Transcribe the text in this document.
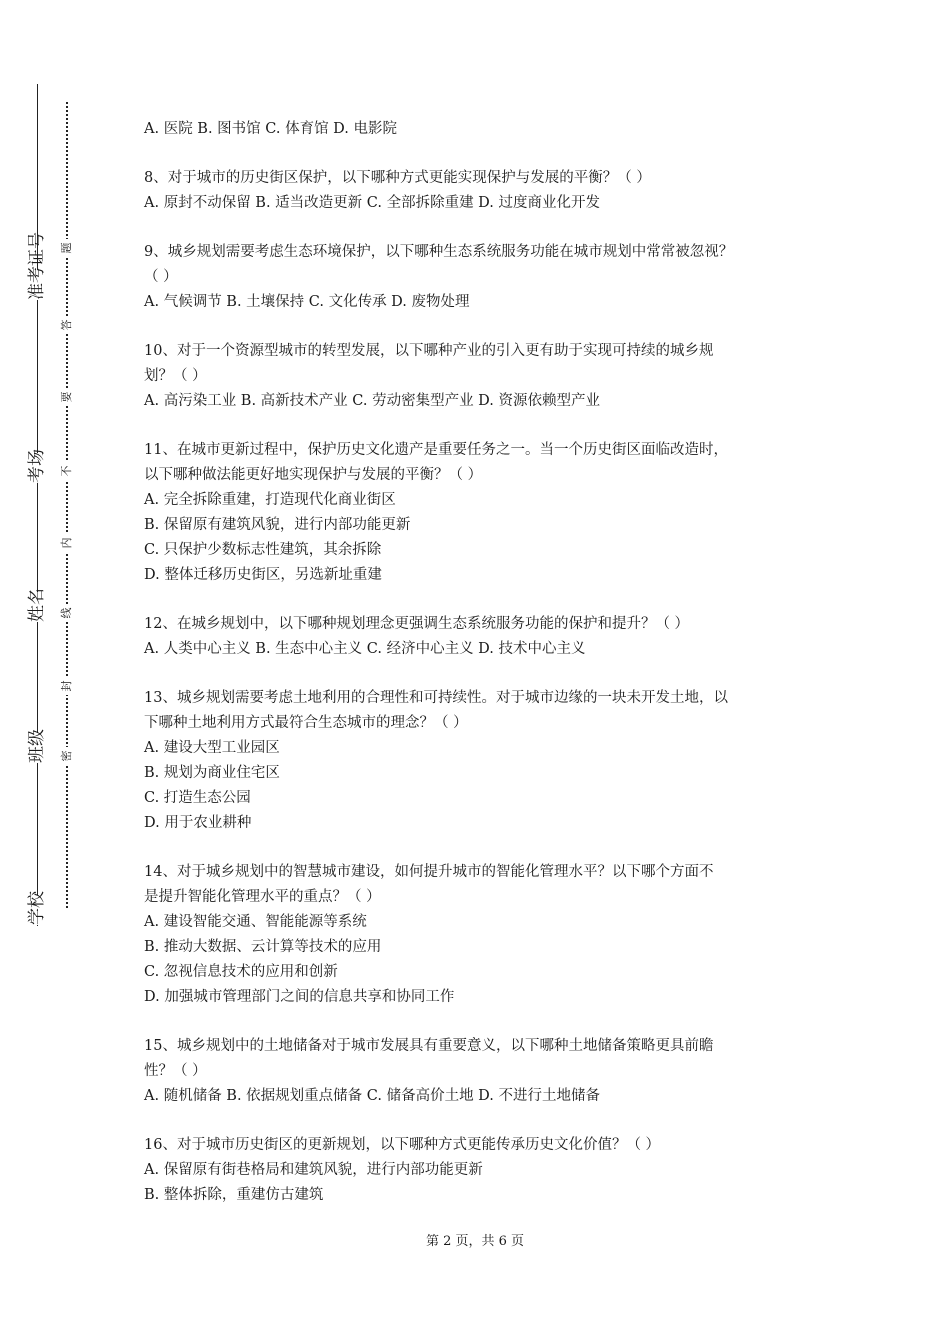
准考证号
考场
姓名
班级
学校
题
答
要
不
内
线
封
密

A. 医院 B. 图书馆 C. 体育馆 D. 电影院

8、对于城市的历史街区保护，以下哪种方式更能实现保护与发展的平衡？（ ）

A. 原封不动保留 B. 适当改造更新 C. 全部拆除重建 D. 过度商业化开发

9、城乡规划需要考虑生态环境保护，以下哪种生态系统服务功能在城市规划中常常被忽视？

（ ）

A. 气候调节 B. 土壤保持 C. 文化传承 D. 废物处理

10、对于一个资源型城市的转型发展，以下哪种产业的引入更有助于实现可持续的城乡规

划？（ ）

A. 高污染工业 B. 高新技术产业 C. 劳动密集型产业 D. 资源依赖型产业

11、在城市更新过程中，保护历史文化遗产是重要任务之一。当一个历史街区面临改造时，

以下哪种做法能更好地实现保护与发展的平衡？（ ）

A. 完全拆除重建，打造现代化商业街区

B. 保留原有建筑风貌，进行内部功能更新

C. 只保护少数标志性建筑，其余拆除

D. 整体迁移历史街区，另选新址重建

12、在城乡规划中，以下哪种规划理念更强调生态系统服务功能的保护和提升？（ ）

A. 人类中心主义 B. 生态中心主义 C. 经济中心主义 D. 技术中心主义

13、城乡规划需要考虑土地利用的合理性和可持续性。对于城市边缘的一块未开发土地，以

下哪种土地利用方式最符合生态城市的理念？（ ）

A. 建设大型工业园区

B. 规划为商业住宅区

C. 打造生态公园

D. 用于农业耕种

14、对于城乡规划中的智慧城市建设，如何提升城市的智能化管理水平？以下哪个方面不

是提升智能化管理水平的重点？（ ）

A. 建设智能交通、智能能源等系统

B. 推动大数据、云计算等技术的应用

C. 忽视信息技术的应用和创新

D. 加强城市管理部门之间的信息共享和协同工作

15、城乡规划中的土地储备对于城市发展具有重要意义，以下哪种土地储备策略更具前瞻

性？（ ）

A. 随机储备 B. 依据规划重点储备 C. 储备高价土地 D. 不进行土地储备

16、对于城市历史街区的更新规划，以下哪种方式更能传承历史文化价值？（ ）

A. 保留原有街巷格局和建筑风貌，进行内部功能更新

B. 整体拆除，重建仿古建筑

第 2 页，共 6 页
